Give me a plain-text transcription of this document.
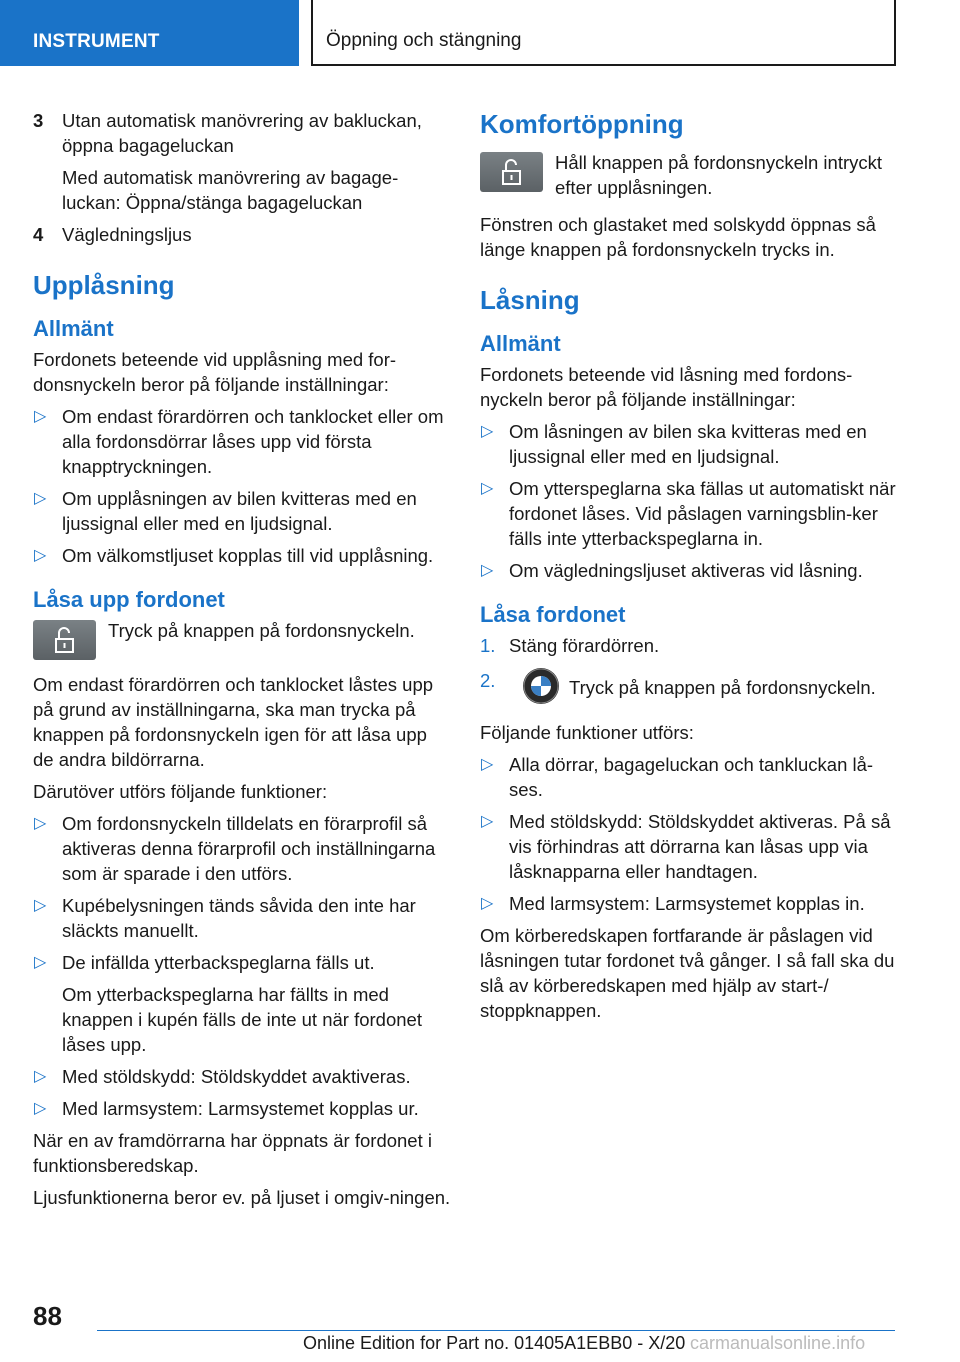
INSTRUMENT	Öppning och stängning
3 Utan automatisk manövrering av bakluckan, öppna bagageluckan
Med automatisk manövrering av bagage-luckan: Öppna/stänga bagageluckan
4 Vägledningsljus
Upplåsning
Allmänt

Fordonets beteende vid upplåsning med for-donsnyckeln beror på följande inställningar:

▷ Om endast förardörren och tanklocket eller om alla fordonsdörrar låses upp vid första knapptryckningen.
▷ Om upplåsningen av bilen kvitteras med en ljussignal eller med en ljudsignal.
▷ Om välkomstljuset kopplas till vid upplåsning.
Låsa upp fordonet
Tryck på knappen på fordonsnyckeln.

Om endast förardörren och tanklocket låstes upp på grund av inställningarna, ska man trycka på knappen på fordonsnyckeln igen för att låsa upp de andra bildörrarna.

Därutöver utförs följande funktioner:

▷ Om fordonsnyckeln tilldelats en förarprofil så aktiveras denna förarprofil och inställningarna som är sparade i den utförs.
▷ Kupébelysningen tänds såvida den inte har släckts manuellt.
▷ De infällda ytterbackspeglarna fälls ut.
Om ytterbackspeglarna har fällts in med knappen i kupén fälls de inte ut när fordonet låses upp.
▷ Med stöldskydd: Stöldskyddet avaktiveras.
▷ Med larmsystem: Larmsystemet kopplas ur.

När en av framdörrarna har öppnats är fordonet i funktionsberedskap.

Ljusfunktionerna beror ev. på ljuset i omgiv-ningen.

Komfortöppning
Håll knappen på fordonsnyckeln intryckt efter upplåsningen.

Fönstren och glastaket med solskydd öppnas så länge knappen på fordonsnyckeln trycks in.

Låsning
Allmänt

Fordonets beteende vid låsning med fordons-nyckeln beror på följande inställningar:

▷ Om låsningen av bilen ska kvitteras med en ljussignal eller med en ljudsignal.
▷ Om ytterspeglarna ska fällas ut automatiskt när fordonet låses. Vid påslagen varningsblin-ker fälls inte ytterbackspeglarna in.
▷ Om vägledningsljuset aktiveras vid låsning.
Låsa fordonet
1. Stäng förardörren.
2.	Tryck på knappen på fordonsnyckeln.

Följande funktioner utförs:

▷ Alla dörrar, bagageluckan och tankluckan lå-ses.
▷ Med stöldskydd: Stöldskyddet aktiveras. På så vis förhindras att dörrarna kan låsas upp via låsknapparna eller handtagen.
▷ Med larmsystem: Larmsystemet kopplas in.

Om körberedskapen fortfarande är påslagen vid låsningen tutar fordonet två gånger. I så fall ska du slå av körberedskapen med hjälp av start-/ stoppknappen.

88
Online Edition for Part no. 01405A1EBB0 - X/20 carmanualsonline.info
